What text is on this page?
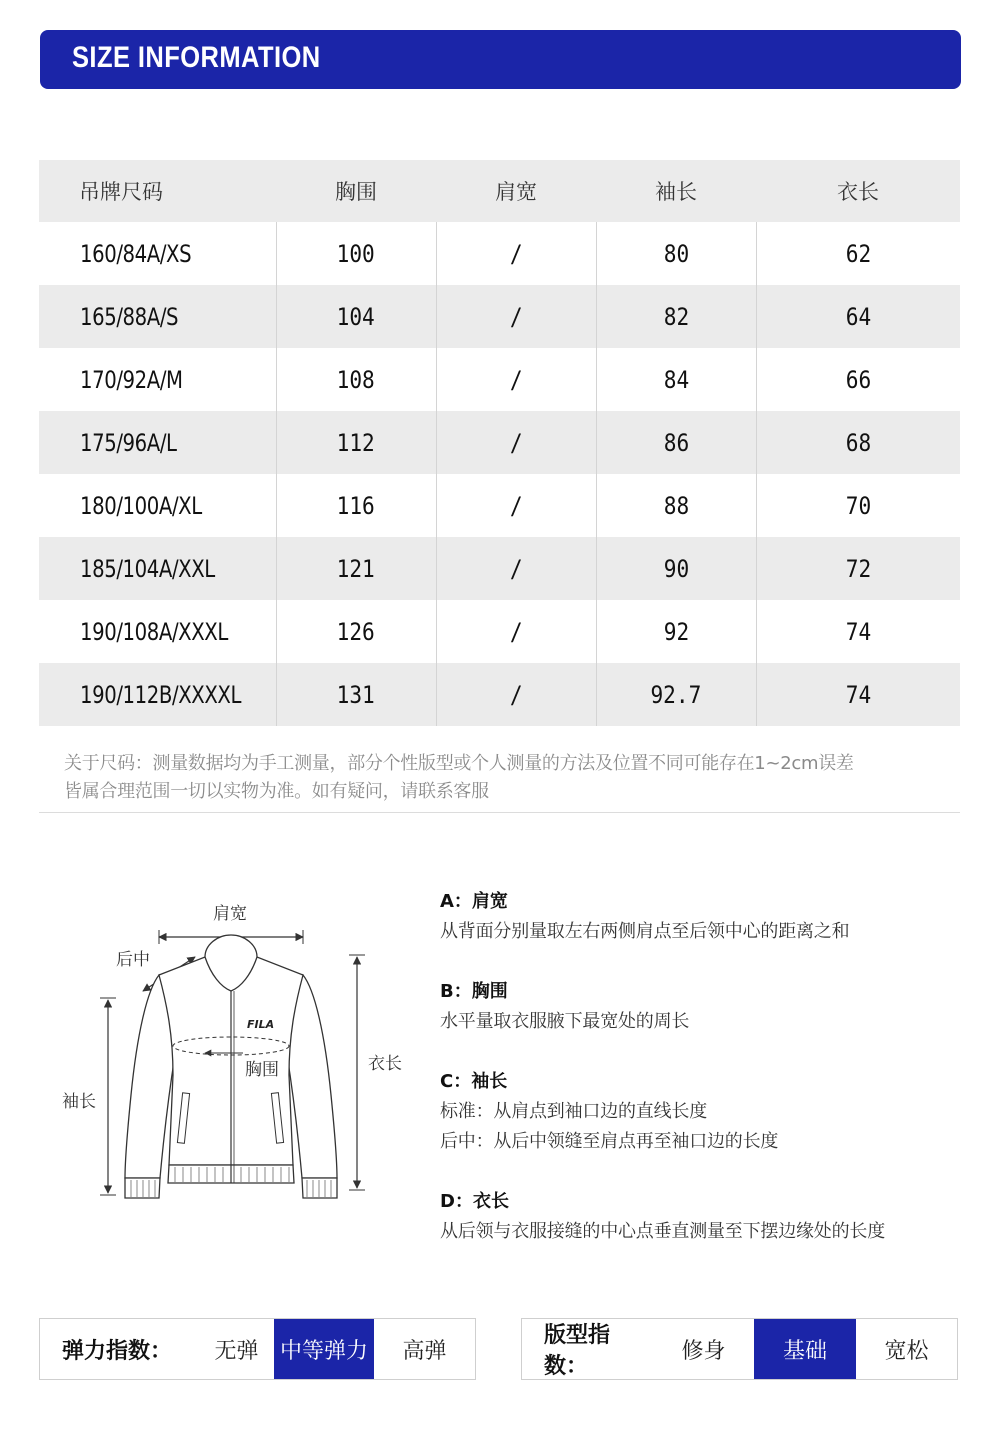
SIZE INFORMATION
吊牌尺码	胸围	肩宽	袖长	衣长
160/84A/XS	100	/	80	62
165/88A/S	104	/	82	64
170/92A/M	108	/	84	66
175/96A/L	112	/	86	68
180/100A/XL	116	/	88	70
185/104A/XXL	121	/	90	72
190/108A/XXXL	126	/	92	74
190/112B/XXXXL	131	/	92.7	74
关于尺码：测量数据均为手工测量，部分个性版型或个人测量的方法及位置不同可能存在1~2cm误差
皆属合理范围一切以实物为准。如有疑问，请联系客服
肩宽
后中
袖长
衣长
FILA
胸围
A：肩宽
从背面分别量取左右两侧肩点至后领中心的距离之和
B：胸围
水平量取衣服腋下最宽处的周长
C：袖长
标准：从肩点到袖口边的直线长度
后中：从后中领缝至肩点再至袖口边的长度
D：衣长
从后领与衣服接缝的中心点垂直测量至下摆边缘处的长度
弹力指数：	无弹 中等弹力	高弹
版型指数：
修身	基础	宽松
